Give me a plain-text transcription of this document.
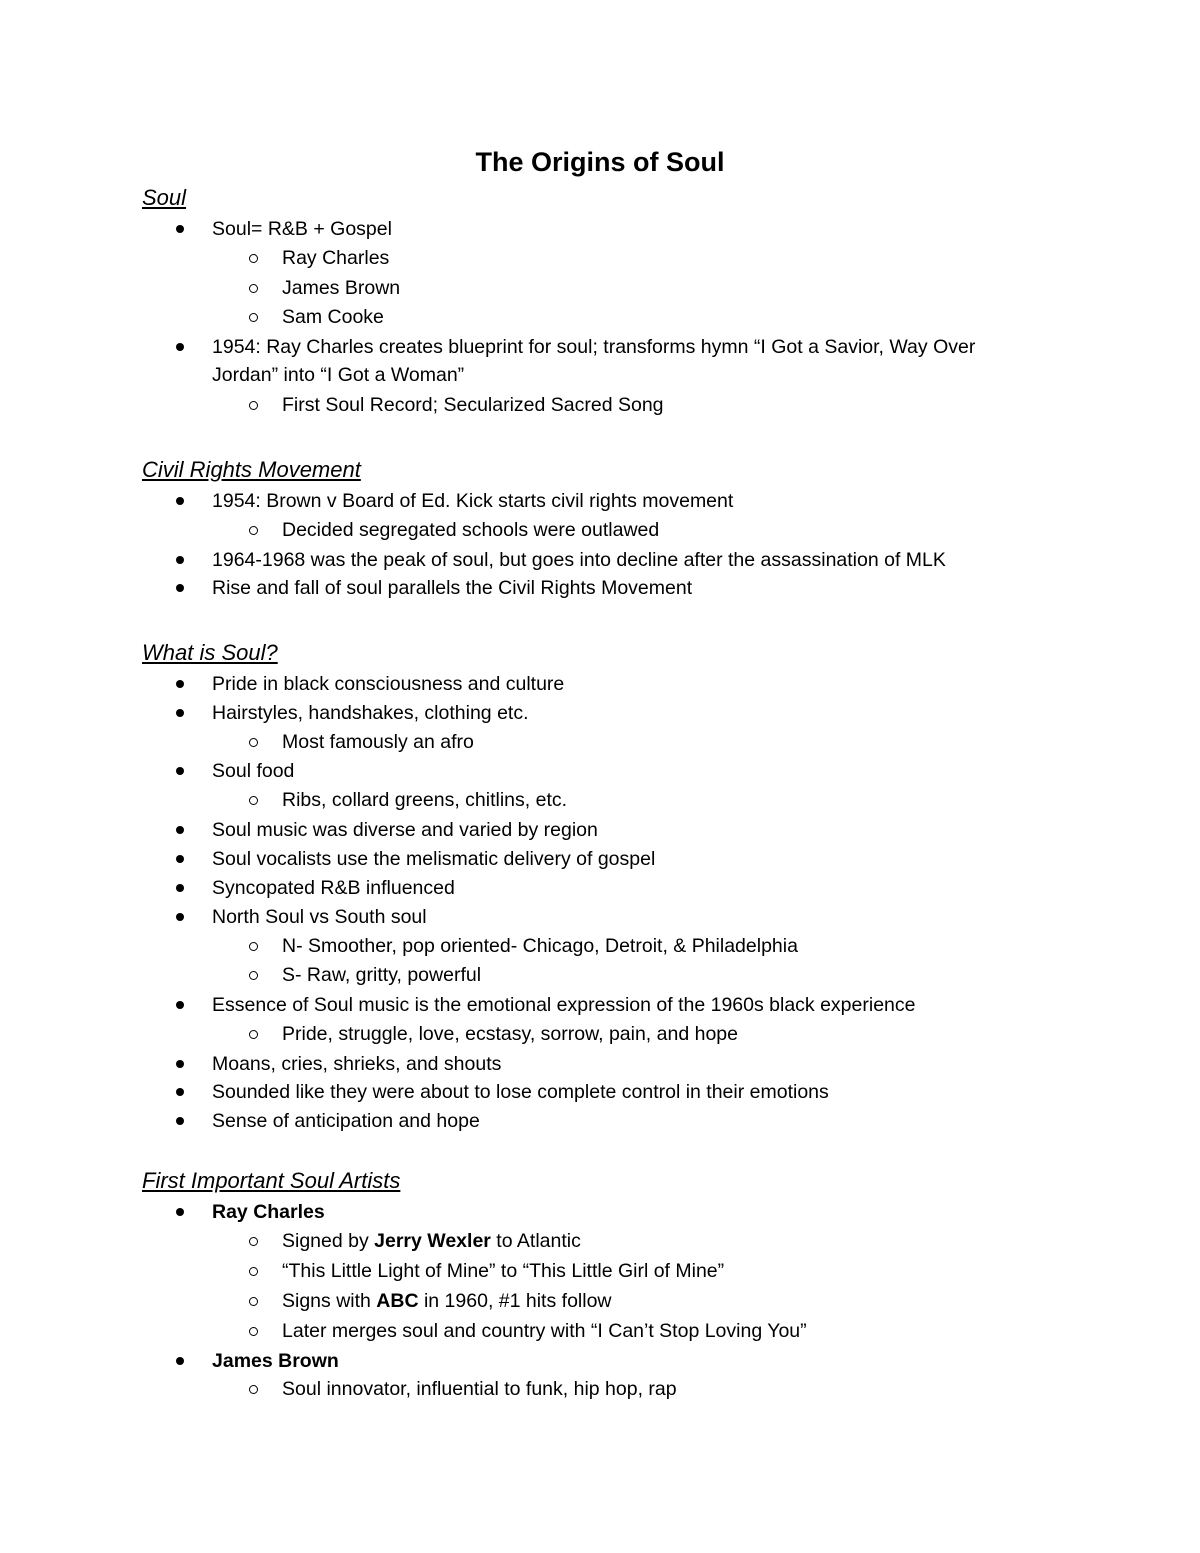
The Origins of Soul
Soul
Soul= R&B + Gospel
Ray Charles
James Brown
Sam Cooke
1954: Ray Charles creates blueprint for soul; transforms hymn “I Got a Savior, Way Over
Jordan” into “I Got a Woman”
First Soul Record; Secularized Sacred Song
Civil Rights Movement
1954: Brown v Board of Ed. Kick starts civil rights movement
Decided segregated schools were outlawed
1964-1968 was the peak of soul, but goes into decline after the assassination of MLK
Rise and fall of soul parallels the Civil Rights Movement
What is Soul?
Pride in black consciousness and culture
Hairstyles, handshakes, clothing etc.
Most famously an afro
Soul food
Ribs, collard greens, chitlins, etc.
Soul music was diverse and varied by region
Soul vocalists use the melismatic delivery of gospel
Syncopated R&B influenced
North Soul vs South soul
N- Smoother, pop oriented- Chicago, Detroit, & Philadelphia
S- Raw, gritty, powerful
Essence of Soul music is the emotional expression of the 1960s black experience
Pride, struggle, love, ecstasy, sorrow, pain, and hope
Moans, cries, shrieks, and shouts
Sounded like they were about to lose complete control in their emotions
Sense of anticipation and hope
First Important Soul Artists
Ray Charles
Signed by Jerry Wexler to Atlantic
“This Little Light of Mine” to “This Little Girl of Mine”
Signs with ABC in 1960, #1 hits follow
Later merges soul and country with “I Can’t Stop Loving You”
James Brown
Soul innovator, influential to funk, hip hop, rap
